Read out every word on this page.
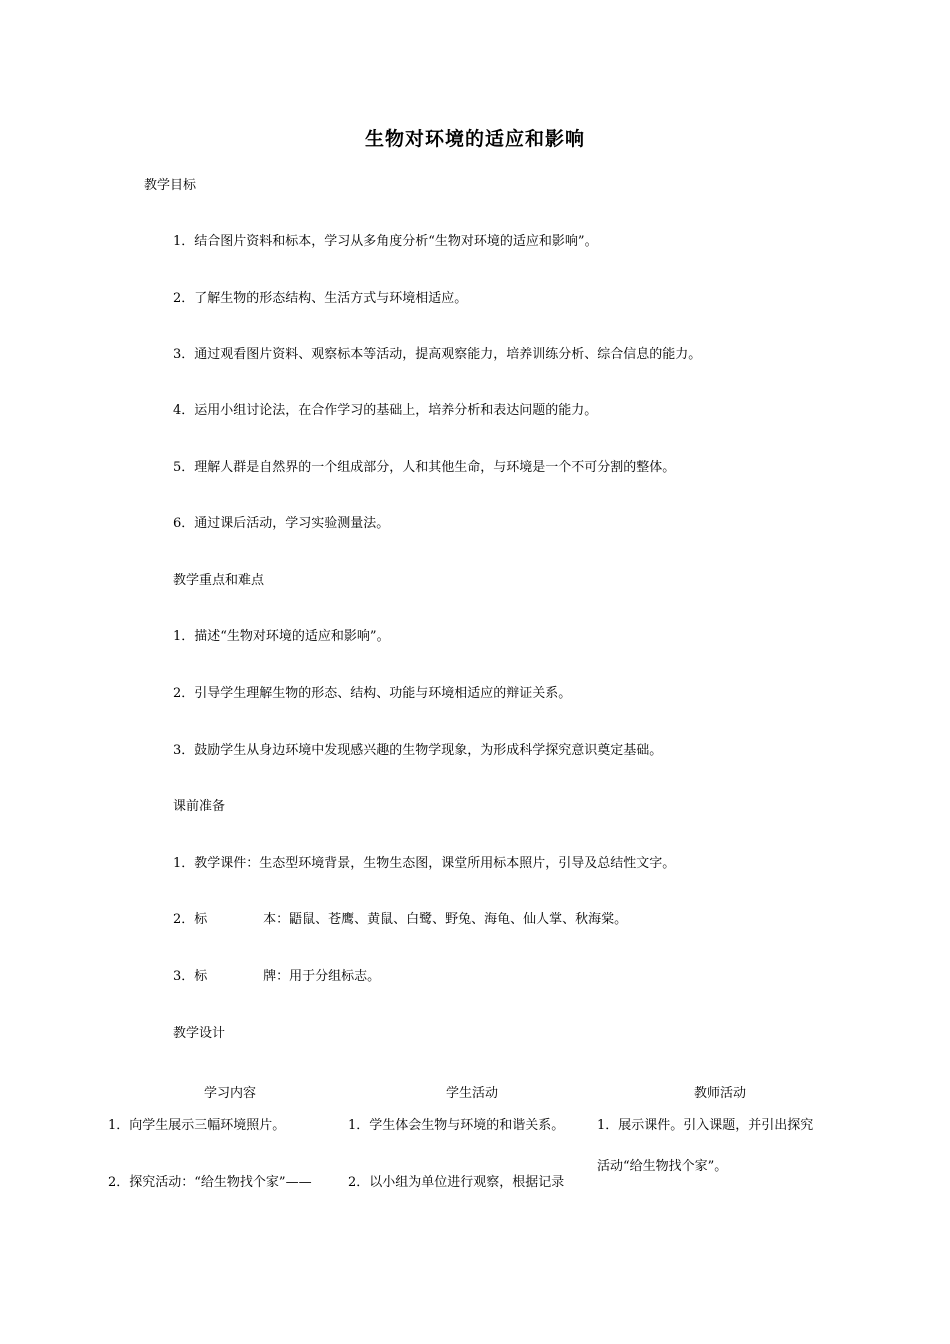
生物对环境的适应和影响
教学目标
1．结合图片资料和标本，学习从多角度分析“生物对环境的适应和影响”。
2．了解生物的形态结构、生活方式与环境相适应。
3．通过观看图片资料、观察标本等活动，提高观察能力，培养训练分析、综合信息的能力。
4．运用小组讨论法，在合作学习的基础上，培养分析和表达问题的能力。
5．理解人群是自然界的一个组成部分，人和其他生命，与环境是一个不可分割的整体。
6．通过课后活动，学习实验测量法。
教学重点和难点
1．描述“生物对环境的适应和影响”。
2．引导学生理解生物的形态、结构、功能与环境相适应的辩证关系。
3．鼓励学生从身边环境中发现感兴趣的生物学现象，为形成科学探究意识奠定基础。
课前准备
1．教学课件：生态型环境背景，生物生态图，课堂所用标本照片，引导及总结性文字。
2．标	本：鼯鼠、苍鹰、黄鼠、白鹭、野兔、海龟、仙人掌、秋海棠。
3．标	牌：用于分组标志。
教学设计
学习内容	学生活动	教师活动
1．向学生展示三幅环境照片。	1．学生体会生物与环境的和谐关系。	1．展示课件。引入课题，并引出探究
活动“给生物找个家”。
2．探究活动：“给生物找个家”——	2．以小组为单位进行观察，根据记录
